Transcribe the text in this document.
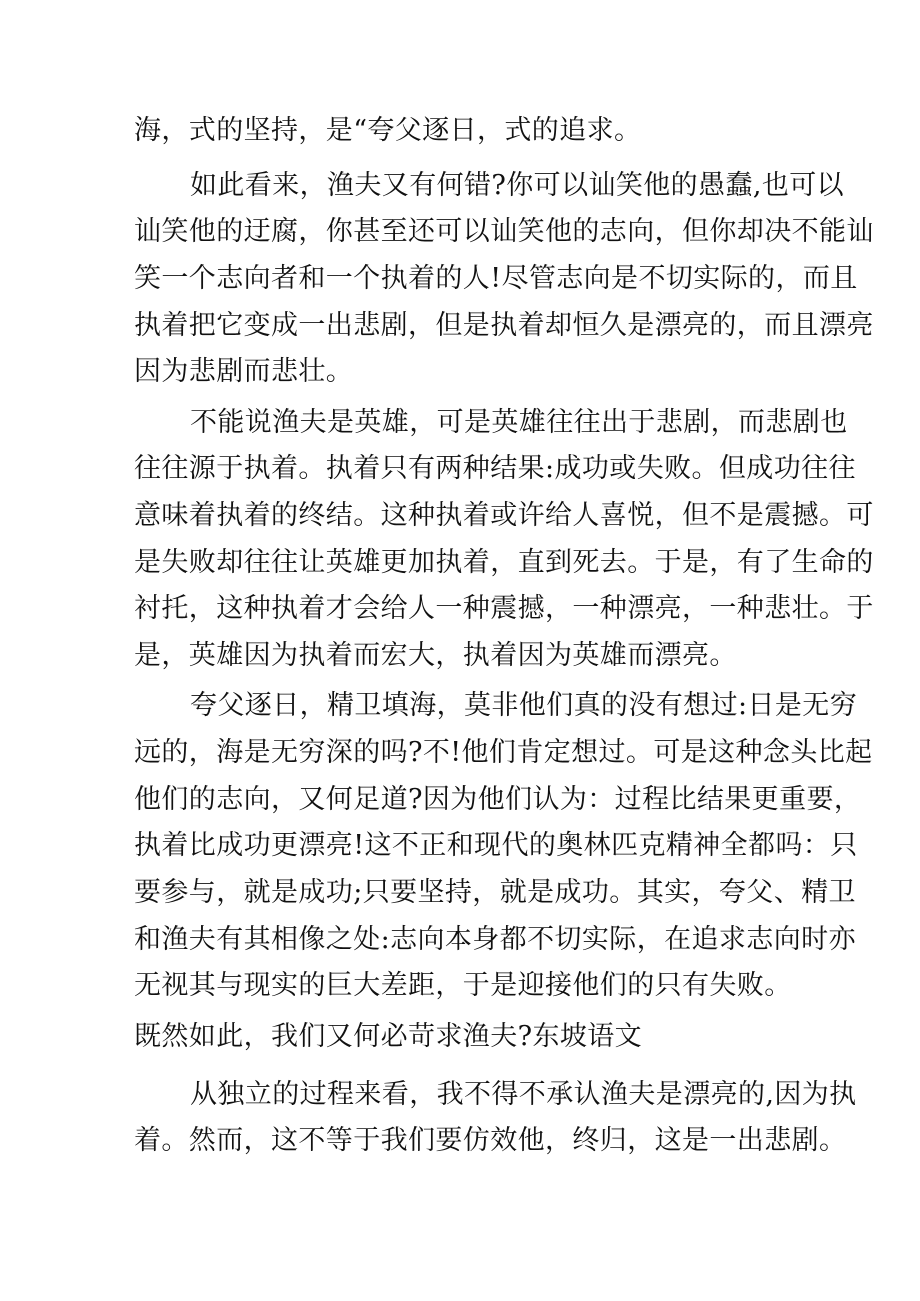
海，式的坚持，是“夸父逐日，式的追求。
如此看来，渔夫又有何错?你可以讪笑他的愚蠢,也可以
讪笑他的迂腐，你甚至还可以讪笑他的志向，但你却决不能讪
笑一个志向者和一个执着的人!尽管志向是不切实际的，而且
执着把它变成一出悲剧，但是执着却恒久是漂亮的，而且漂亮
因为悲剧而悲壮。
不能说渔夫是英雄，可是英雄往往出于悲剧，而悲剧也
往往源于执着。执着只有两种结果:成功或失败。但成功往往
意味着执着的终结。这种执着或许给人喜悦，但不是震撼。可
是失败却往往让英雄更加执着，直到死去。于是，有了生命的
衬托，这种执着才会给人一种震撼，一种漂亮，一种悲壮。于
是，英雄因为执着而宏大，执着因为英雄而漂亮。
夸父逐日，精卫填海，莫非他们真的没有想过:日是无穷
远的，海是无穷深的吗?不!他们肯定想过。可是这种念头比起
他们的志向，又何足道?因为他们认为：过程比结果更重要，
执着比成功更漂亮!这不正和现代的奥林匹克精神全都吗：只
要参与，就是成功;只要坚持，就是成功。其实，夸父、精卫
和渔夫有其相像之处:志向本身都不切实际，在追求志向时亦
无视其与现实的巨大差距，于是迎接他们的只有失败。
既然如此，我们又何必苛求渔夫?东坡语文
从独立的过程来看，我不得不承认渔夫是漂亮的,因为执
着。然而，这不等于我们要仿效他，终归，这是一出悲剧。
